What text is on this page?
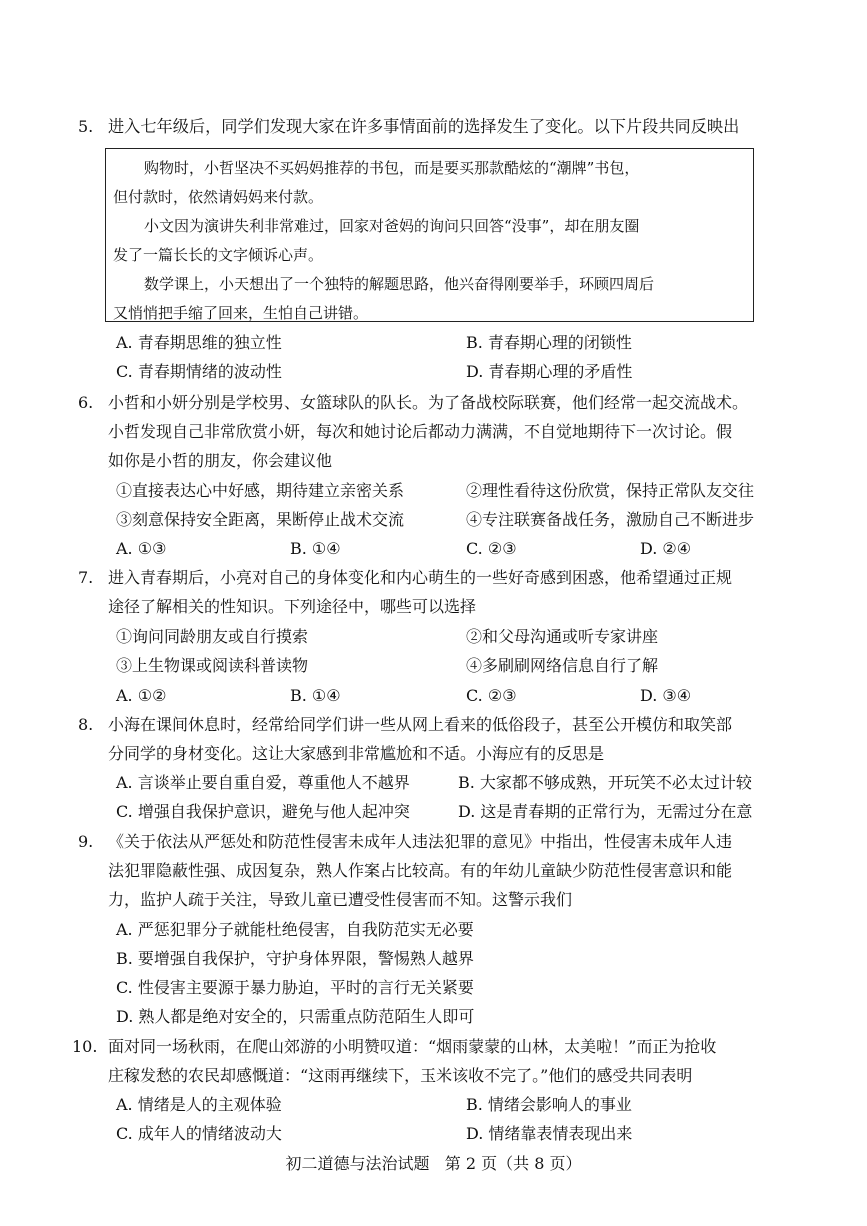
5. 进入七年级后，同学们发现大家在许多事情面前的选择发生了变化。以下片段共同反映出
购物时，小哲坚决不买妈妈推荐的书包，而是要买那款酷炫的“潮牌”书包，
但付款时，依然请妈妈来付款。
小文因为演讲失利非常难过，回家对爸妈的询问只回答“没事”，却在朋友圈
发了一篇长长的文字倾诉心声。
数学课上，小天想出了一个独特的解题思路，他兴奋得刚要举手，环顾四周后
又悄悄把手缩了回来，生怕自己讲错。
A. 青春期思维的独立性	B. 青春期心理的闭锁性
C. 青春期情绪的波动性	D. 青春期心理的矛盾性
6. 小哲和小妍分别是学校男、女篮球队的队长。为了备战校际联赛，他们经常一起交流战术。
小哲发现自己非常欣赏小妍，每次和她讨论后都动力满满，不自觉地期待下一次讨论。假
如你是小哲的朋友，你会建议他
①直接表达心中好感，期待建立亲密关系	②理性看待这份欣赏，保持正常队友交往
③刻意保持安全距离，果断停止战术交流	④专注联赛备战任务，激励自己不断进步
A. ①③	B. ①④	C. ②③	D. ②④
7. 进入青春期后，小亮对自己的身体变化和内心萌生的一些好奇感到困惑，他希望通过正规
途径了解相关的性知识。下列途径中，哪些可以选择
①询问同龄朋友或自行摸索	②和父母沟通或听专家讲座
③上生物课或阅读科普读物	④多刷刷网络信息自行了解
A. ①②	B. ①④	C. ②③	D. ③④
8. 小海在课间休息时，经常给同学们讲一些从网上看来的低俗段子，甚至公开模仿和取笑部
分同学的身材变化。这让大家感到非常尴尬和不适。小海应有的反思是
A. 言谈举止要自重自爱，尊重他人不越界	B. 大家都不够成熟，开玩笑不必太过计较
C. 增强自我保护意识，避免与他人起冲突	D. 这是青春期的正常行为，无需过分在意
9. 《关于依法从严惩处和防范性侵害未成年人违法犯罪的意见》中指出，性侵害未成年人违
法犯罪隐蔽性强、成因复杂，熟人作案占比较高。有的年幼儿童缺少防范性侵害意识和能
力，监护人疏于关注，导致儿童已遭受性侵害而不知。这警示我们
A. 严惩犯罪分子就能杜绝侵害，自我防范实无必要
B. 要增强自我保护，守护身体界限，警惕熟人越界
C. 性侵害主要源于暴力胁迫，平时的言行无关紧要
D. 熟人都是绝对安全的，只需重点防范陌生人即可
10. 面对同一场秋雨，在爬山郊游的小明赞叹道：“烟雨蒙蒙的山林，太美啦！”而正为抢收
庄稼发愁的农民却感慨道：“这雨再继续下，玉米该收不完了。”他们的感受共同表明
A. 情绪是人的主观体验	B. 情绪会影响人的事业
C. 成年人的情绪波动大	D. 情绪靠表情表现出来
初二道德与法治试题   第 2 页（共 8 页）
